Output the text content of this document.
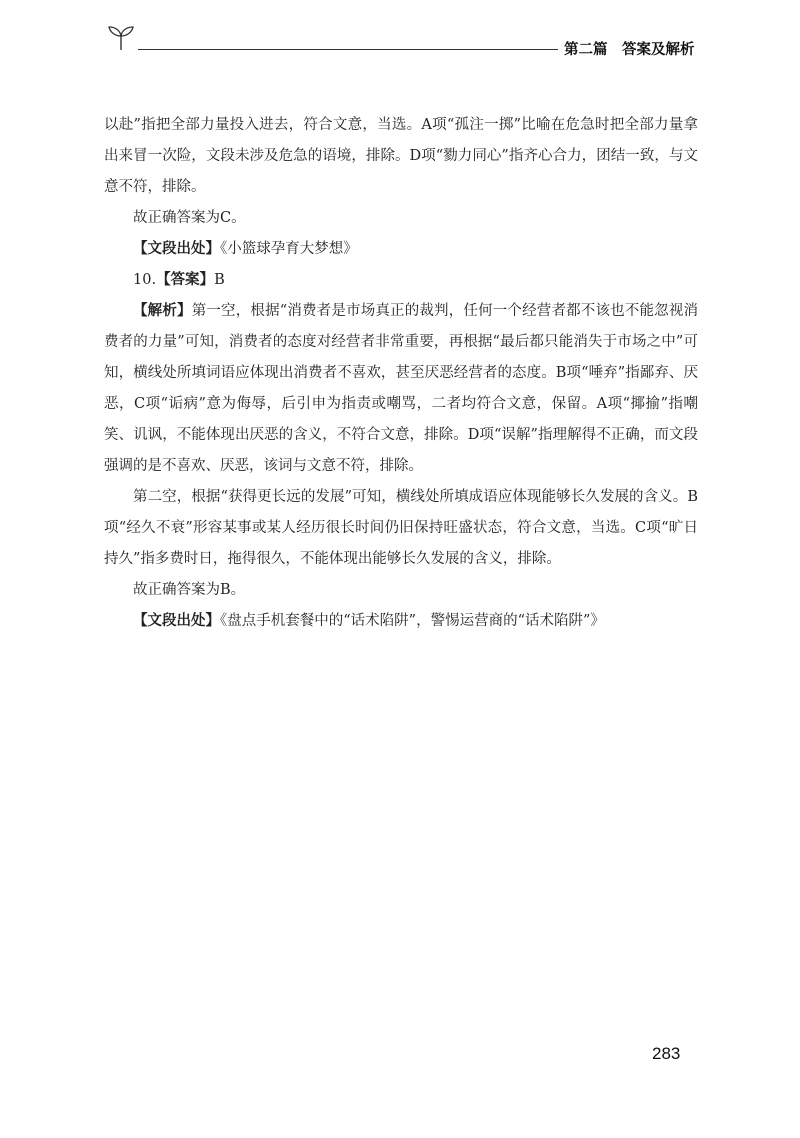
第二篇　答案及解析

以赴”指把全部力量投入进去，符合文意，当选。A项“孤注一掷”比喻在危急时把全部力量拿出来冒一次险，文段未涉及危急的语境，排除。D项“勠力同心”指齐心合力，团结一致，与文意不符，排除。

故正确答案为C。

【文段出处】《小篮球孕育大梦想》

10.【答案】B

【解析】第一空，根据“消费者是市场真正的裁判，任何一个经营者都不该也不能忽视消费者的力量”可知，消费者的态度对经营者非常重要，再根据“最后都只能消失于市场之中”可知，横线处所填词语应体现出消费者不喜欢，甚至厌恶经营者的态度。B项“唾弃”指鄙弃、厌恶，C项“诟病”意为侮辱，后引申为指责或嘲骂，二者均符合文意，保留。A项“揶揄”指嘲笑、讥讽，不能体现出厌恶的含义，不符合文意，排除。D项“误解”指理解得不正确，而文段强调的是不喜欢、厌恶，该词与文意不符，排除。

第二空，根据“获得更长远的发展”可知，横线处所填成语应体现能够长久发展的含义。B项“经久不衰”形容某事或某人经历很长时间仍旧保持旺盛状态，符合文意，当选。C项“旷日持久”指多费时日，拖得很久，不能体现出能够长久发展的含义，排除。

故正确答案为B。

【文段出处】《盘点手机套餐中的“话术陷阱”，警惕运营商的“话术陷阱”》

283
